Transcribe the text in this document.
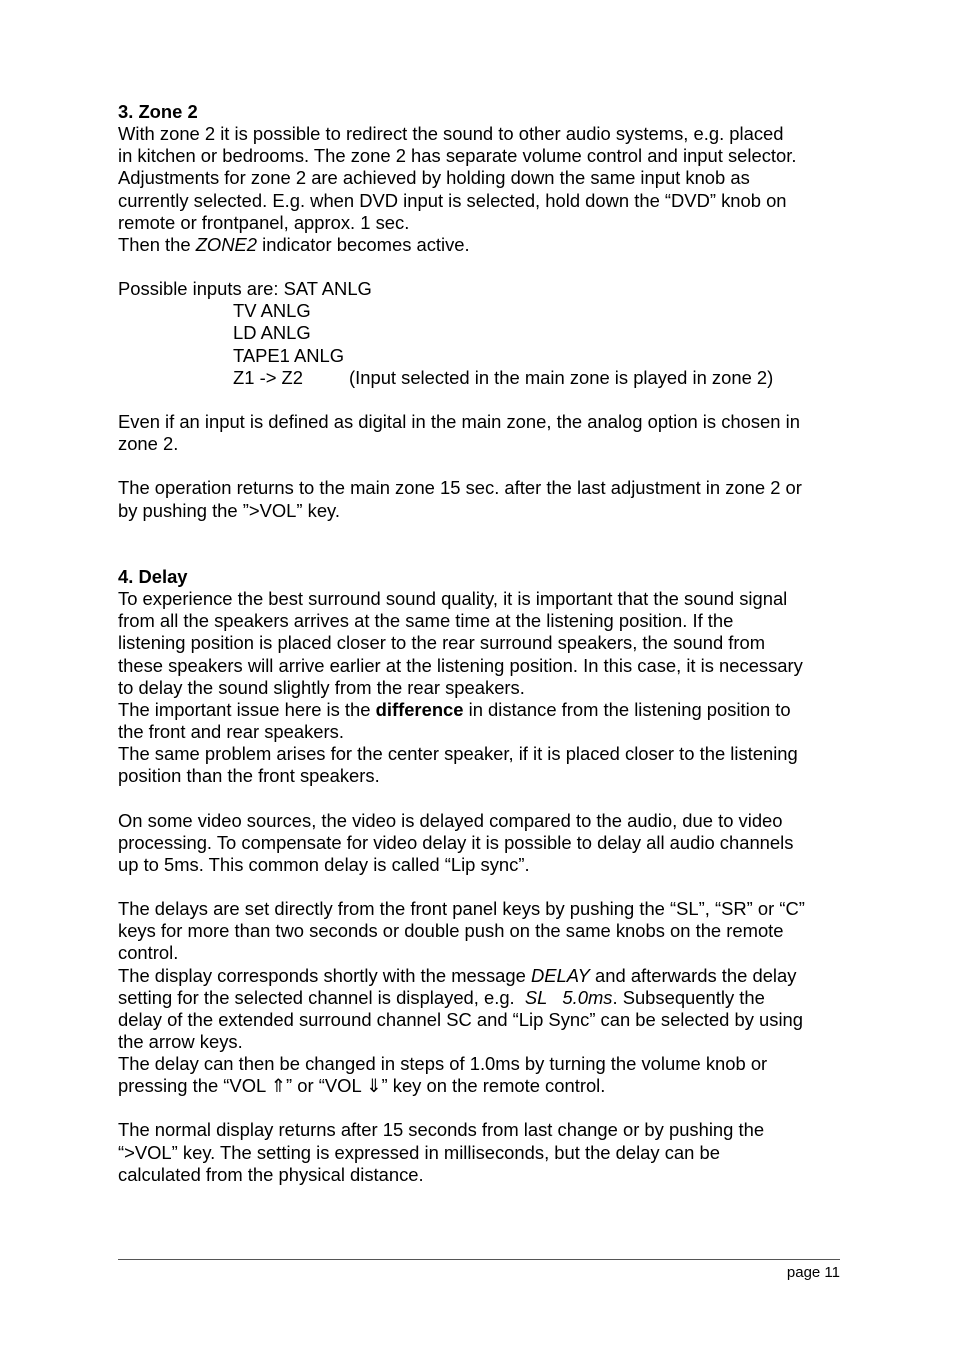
3. Zone 2
With zone 2 it is possible to redirect the sound to other audio systems, e.g. placed
in kitchen or bedrooms. The zone 2 has separate volume control and input selector.
Adjustments for zone 2 are achieved by holding down the same input knob as
currently selected. E.g. when DVD input is selected, hold down the “DVD” knob on
remote or frontpanel, approx. 1 sec.
Then the ZONE2 indicator becomes active.
Possible inputs are: SAT ANLG
TV ANLG
LD ANLG
TAPE1 ANLG
Z1 -> Z2 (Input selected in the main zone is played in zone 2)
Even if an input is defined as digital in the main zone, the analog option is chosen in
zone 2.
The operation returns to the main zone 15 sec. after the last adjustment in zone 2 or
by pushing the ”>VOL” key.
4. Delay
To experience the best surround sound quality, it is important that the sound signal
from all the speakers arrives at the same time at the listening position. If the
listening position is placed closer to the rear surround speakers, the sound from
these speakers will arrive earlier at the listening position. In this case, it is necessary
to delay the sound slightly from the rear speakers.
The important issue here is the difference in distance from the listening position to
the front and rear speakers.
The same problem arises for the center speaker, if it is placed closer to the listening
position than the front speakers.
On some video sources, the video is delayed compared to the audio, due to video
processing. To compensate for video delay it is possible to delay all audio channels
up to 5ms. This common delay is called “Lip sync”.
The delays are set directly from the front panel keys by pushing the “SL”, “SR” or “C”
keys for more than two seconds or double push on the same knobs on the remote
control.
The display corresponds shortly with the message DELAY and afterwards the delay
setting for the selected channel is displayed, e.g.  SL   5.0ms. Subsequently the
delay of the extended surround channel SC and “Lip Sync” can be selected by using
the arrow keys.
The delay can then be changed in steps of 1.0ms by turning the volume knob or
pressing the “VOL ⇑” or “VOL ⇓” key on the remote control.
The normal display returns after 15 seconds from last change or by pushing the
“>VOL” key. The setting is expressed in milliseconds, but the delay can be
calculated from the physical distance.
page 11
